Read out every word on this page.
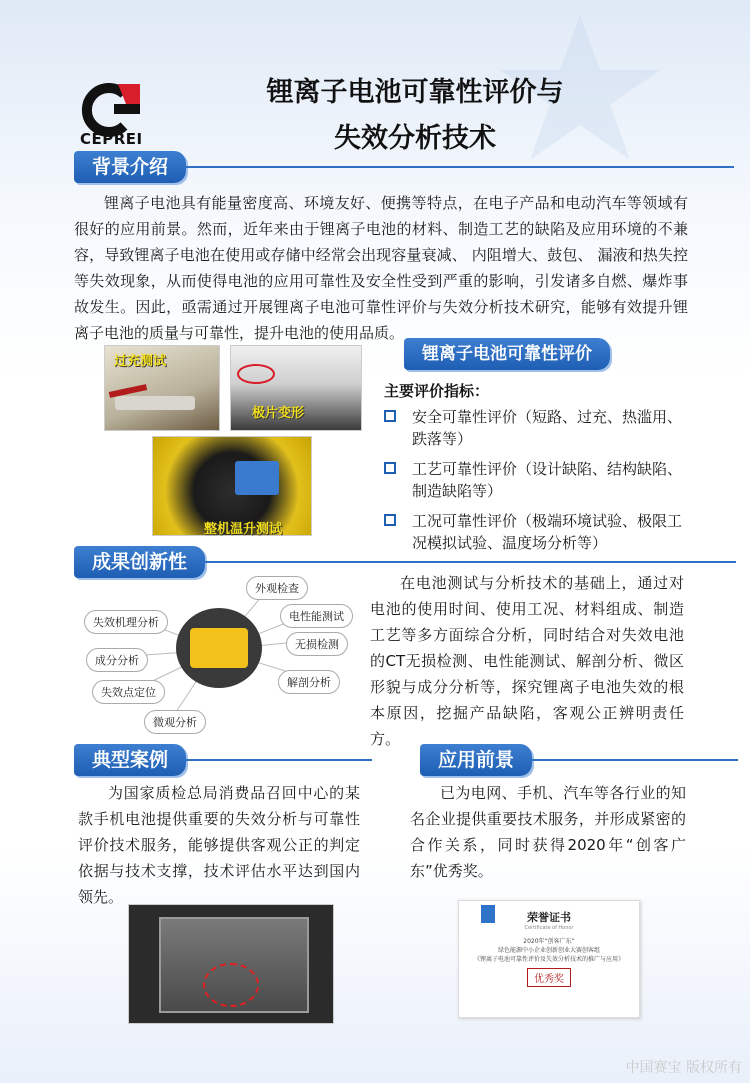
CEPREI
锂离子电池可靠性评价与
失效分析技术
背景介绍
锂离子电池具有能量密度高、环境友好、便携等特点，在电子产品和电动汽车等领域有很好的应用前景。然而，近年来由于锂离子电池的材料、制造工艺的缺陷及应用环境的不兼容，导致锂离子电池在使用或存储中经常会出现容量衰减、 内阻增大、鼓包、 漏液和热失控等失效现象，从而使得电池的应用可靠性及安全性受到严重的影响，引发诸多自燃、爆炸事故发生。因此，亟需通过开展锂离子电池可靠性评价与失效分析技术研究，能够有效提升锂离子电池的质量与可靠性，提升电池的使用品质。
过充测试
极片变形
整机温升测试
锂离子电池可靠性评价
主要评价指标：
安全可靠性评价（短路、过充、热滥用、跌落等）
工艺可靠性评价（设计缺陷、结构缺陷、制造缺陷等）
工况可靠性评价（极端环境试验、极限工况模拟试验、温度场分析等）
成果创新性
外观检查
电性能测试
无损检测
解剖分析
微观分析
失效点定位
成分分析
失效机理分析
在电池测试与分析技术的基础上，通过对电池的使用时间、使用工况、材料组成、制造工艺等多方面综合分析，同时结合对失效电池的CT无损检测、电性能测试、解剖分析、微区形貌与成分分析等，探究锂离子电池失效的根本原因，挖掘产品缺陷，客观公正辨明责任方。
典型案例
为国家质检总局消费品召回中心的某款手机电池提供重要的失效分析与可靠性评价技术服务，能够提供客观公正的判定依据与技术支撑，技术评估水平达到国内领先。
应用前景
已为电网、手机、汽车等各行业的知名企业提供重要技术服务，并形成紧密的合作关系，同时获得2020年“创客广东”优秀奖。
荣誉证书
Certificate of Honor
2020年“创客广东”
绿色能源中小企业创新创业大赛创客组
《锂离子电池可靠性评价及失效分析技术的推广与应用》
优秀奖
中国赛宝 版权所有
